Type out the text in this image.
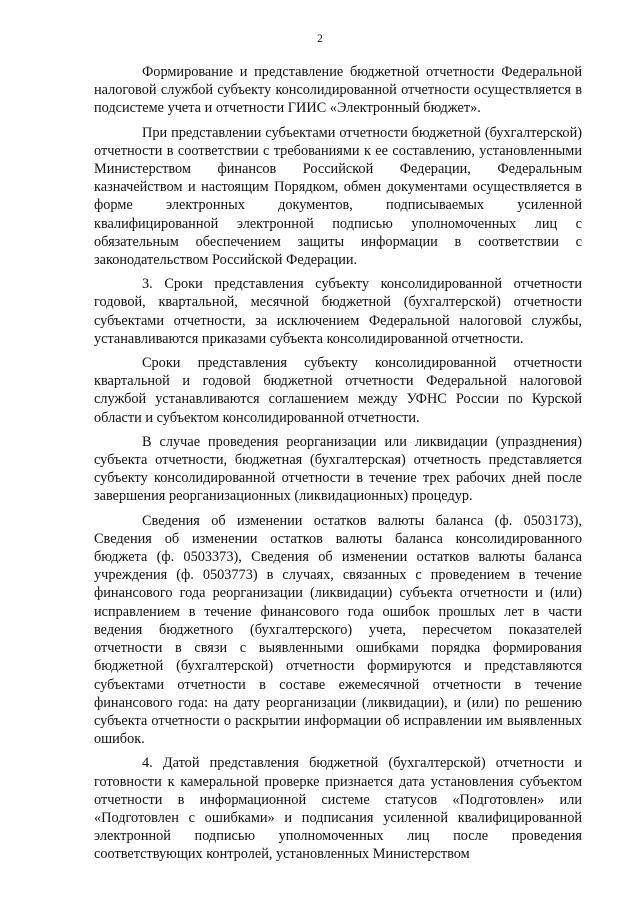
2

Формирование и представление бюджетной отчетности Федеральной налоговой службой субъекту консолидированной отчетности осуществляется в подсистеме учета и отчетности ГИИС «Электронный бюджет».

При представлении субъектами отчетности бюджетной (бухгалтерской) отчетности в соответствии с требованиями к ее составлению, установленными Министерством финансов Российской Федерации, Федеральным казначейством и настоящим Порядком, обмен документами осуществляется в форме электронных документов, подписываемых усиленной квалифицированной электронной подписью уполномоченных лиц с обязательным обеспечением защиты информации в соответствии с законодательством Российской Федерации.

3. Сроки представления субъекту консолидированной отчетности годовой, квартальной, месячной бюджетной (бухгалтерской) отчетности субъектами отчетности, за исключением Федеральной налоговой службы, устанавливаются приказами субъекта консолидированной отчетности.

Сроки представления субъекту консолидированной отчетности квартальной и годовой бюджетной отчетности Федеральной налоговой службой устанавливаются соглашением между УФНС России по Курской области и субъектом консолидированной отчетности.

В случае проведения реорганизации или ликвидации (упразднения) субъекта отчетности, бюджетная (бухгалтерская) отчетность представляется субъекту консолидированной отчетности в течение трех рабочих дней после завершения реорганизационных (ликвидационных) процедур.

Сведения об изменении остатков валюты баланса (ф. 0503173), Сведения об изменении остатков валюты баланса консолидированного бюджета (ф. 0503373), Сведения об изменении остатков валюты баланса учреждения (ф. 0503773) в случаях, связанных с проведением в течение финансового года реорганизации (ликвидации) субъекта отчетности и (или) исправлением в течение финансового года ошибок прошлых лет в части ведения бюджетного (бухгалтерского) учета, пересчетом показателей отчетности в связи с выявленными ошибками порядка формирования бюджетной (бухгалтерской) отчетности формируются и представляются субъектами отчетности в составе ежемесячной отчетности в течение финансового года: на дату реорганизации (ликвидации), и (или) по решению субъекта отчетности о раскрытии информации об исправлении им выявленных ошибок.

4. Датой представления бюджетной (бухгалтерской) отчетности и готовности к камеральной проверке признается дата установления субъектом отчетности в информационной системе статусов «Подготовлен» или «Подготовлен с ошибками» и подписания усиленной квалифицированной электронной подписью уполномоченных лиц после проведения соответствующих контролей, установленных Министерством
